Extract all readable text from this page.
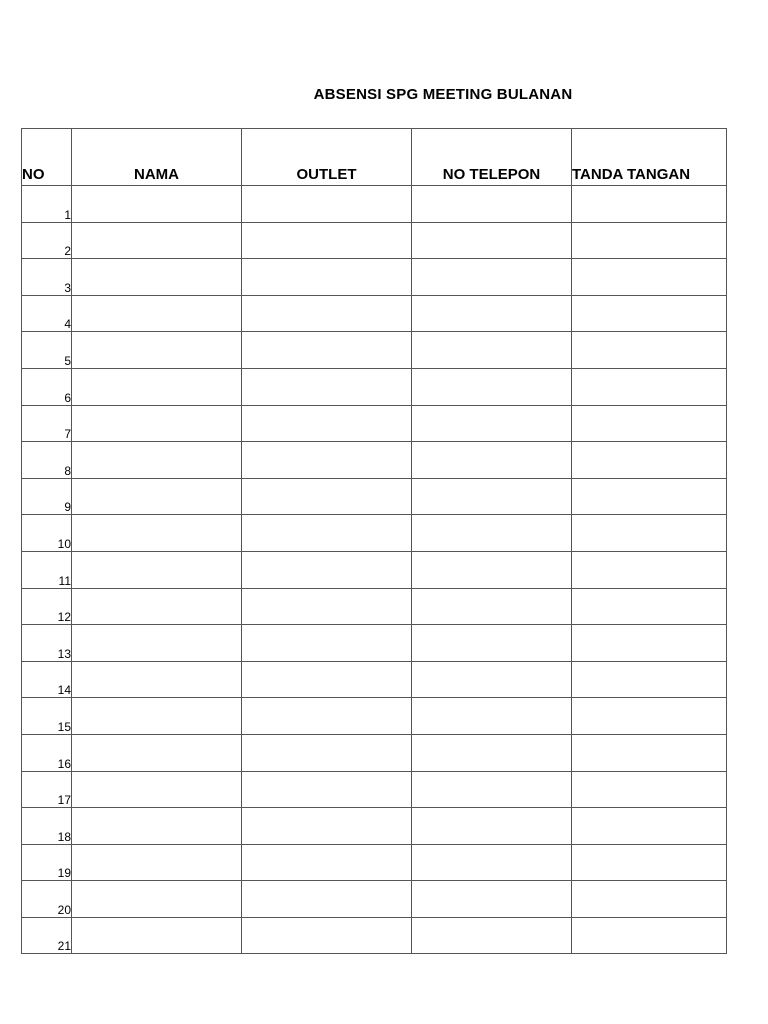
ABSENSI SPG MEETING BULANAN
NO	NAMA	OUTLET	NO TELEPON	TANDA TANGAN
1				
2				
3				
4				
5				
6				
7				
8				
9				
10				
11				
12				
13				
14				
15				
16				
17				
18				
19				
20				
21				
